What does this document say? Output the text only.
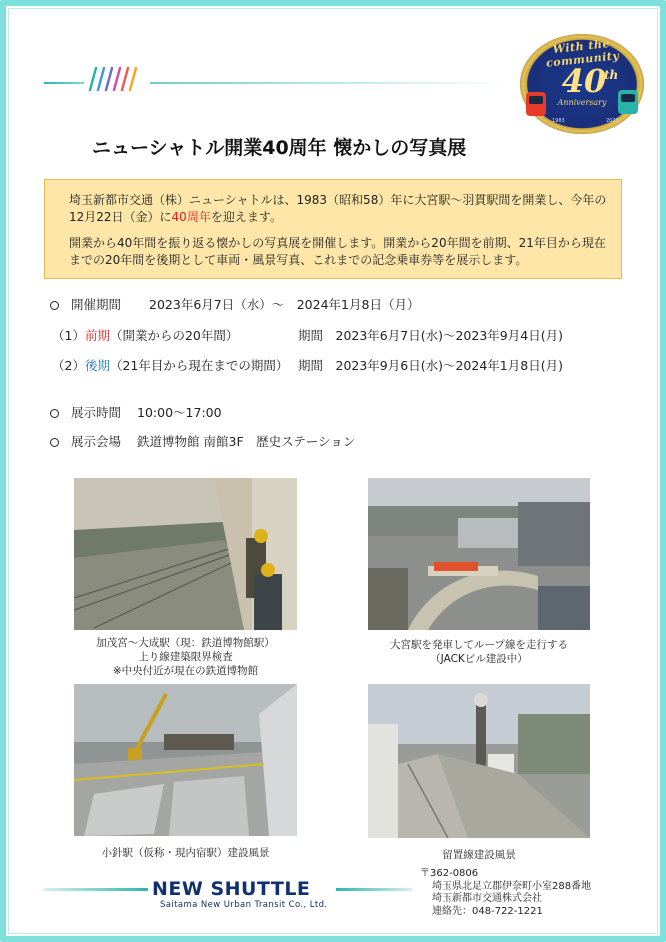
With the community
40
th
Anniversary
1983	2023
ニューシャトル開業40周年 懐かしの写真展

埼玉新都市交通（株）ニューシャトルは、1983（昭和58）年に大宮駅～羽貫駅間を開業し、今年の12月22日（金）に40周年を迎えます。

開業から40年間を振り返る懐かしの写真展を開催します。開業から20年間を前期、21年目から現在までの20年間を後期として車両・風景写真、これまでの記念乗車券等を展示します。

開催期間 2023年6月7日（水）～　2024年1月8日（月）
（1）前期（開業からの20年間）	期間　2023年6月7日(水)～2023年9月4日(月)
（2）後期（21年目から現在までの期間） 期間　2023年9月6日(水)～2024年1月8日(月)
展示時間 10:00～17:00
展示会場 鉄道博物館 南館3F　歴史ステーション
加茂宮～大成駅（現：鉄道博物館駅）
上り線建築限界検査
※中央付近が現在の鉄道博物館
大宮駅を発車してループ線を走行する
（JACKビル建設中）
小針駅（仮称・現内宿駅）建設風景	留置線建設風景
NEW SHUTTLE
Saitama New Urban Transit Co., Ltd.
〒362-0806
埼玉県北足立郡伊奈町小室288番地
埼玉新都市交通株式会社
連絡先：048-722-1221
